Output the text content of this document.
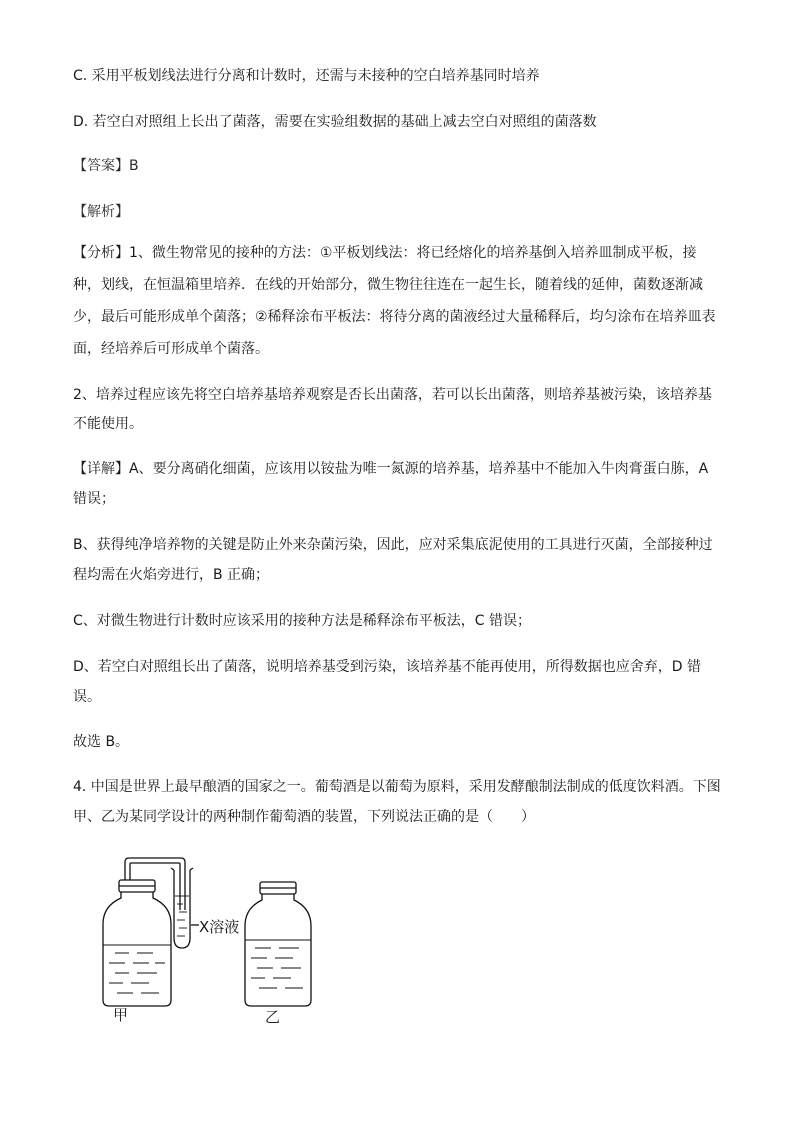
C. 采用平板划线法进行分离和计数时，还需与未接种的空白培养基同时培养
D. 若空白对照组上长出了菌落，需要在实验组数据的基础上减去空白对照组的菌落数
【答案】B
【解析】
【分析】1、微生物常见的接种的方法：①平板划线法：将已经熔化的培养基倒入培养皿制成平板，接
种，划线，在恒温箱里培养．在线的开始部分，微生物往往连在一起生长，随着线的延伸，菌数逐渐减
少，最后可能形成单个菌落；②稀释涂布平板法：将待分离的菌液经过大量稀释后，均匀涂布在培养皿表
面，经培养后可形成单个菌落。
2、培养过程应该先将空白培养基培养观察是否长出菌落，若可以长出菌落，则培养基被污染，该培养基
不能使用。
【详解】A、要分离硝化细菌，应该用以铵盐为唯一氮源的培养基，培养基中不能加入牛肉膏蛋白胨，A
错误；
B、获得纯净培养物的关键是防止外来杂菌污染，因此，应对采集底泥使用的工具进行灭菌，全部接种过
程均需在火焰旁进行，B 正确；
C、对微生物进行计数时应该采用的接种方法是稀释涂布平板法，C 错误；
D、若空白对照组长出了菌落，说明培养基受到污染，该培养基不能再使用，所得数据也应舍弃，D 错
误。
故选 B。
4. 中国是世界上最早酿酒的国家之一。葡萄酒是以葡萄为原料，采用发酵酿制法制成的低度饮料酒。下图
甲、乙为某同学设计的两种制作葡萄酒的装置，下列说法正确的是（　　）
X溶液
甲	乙
